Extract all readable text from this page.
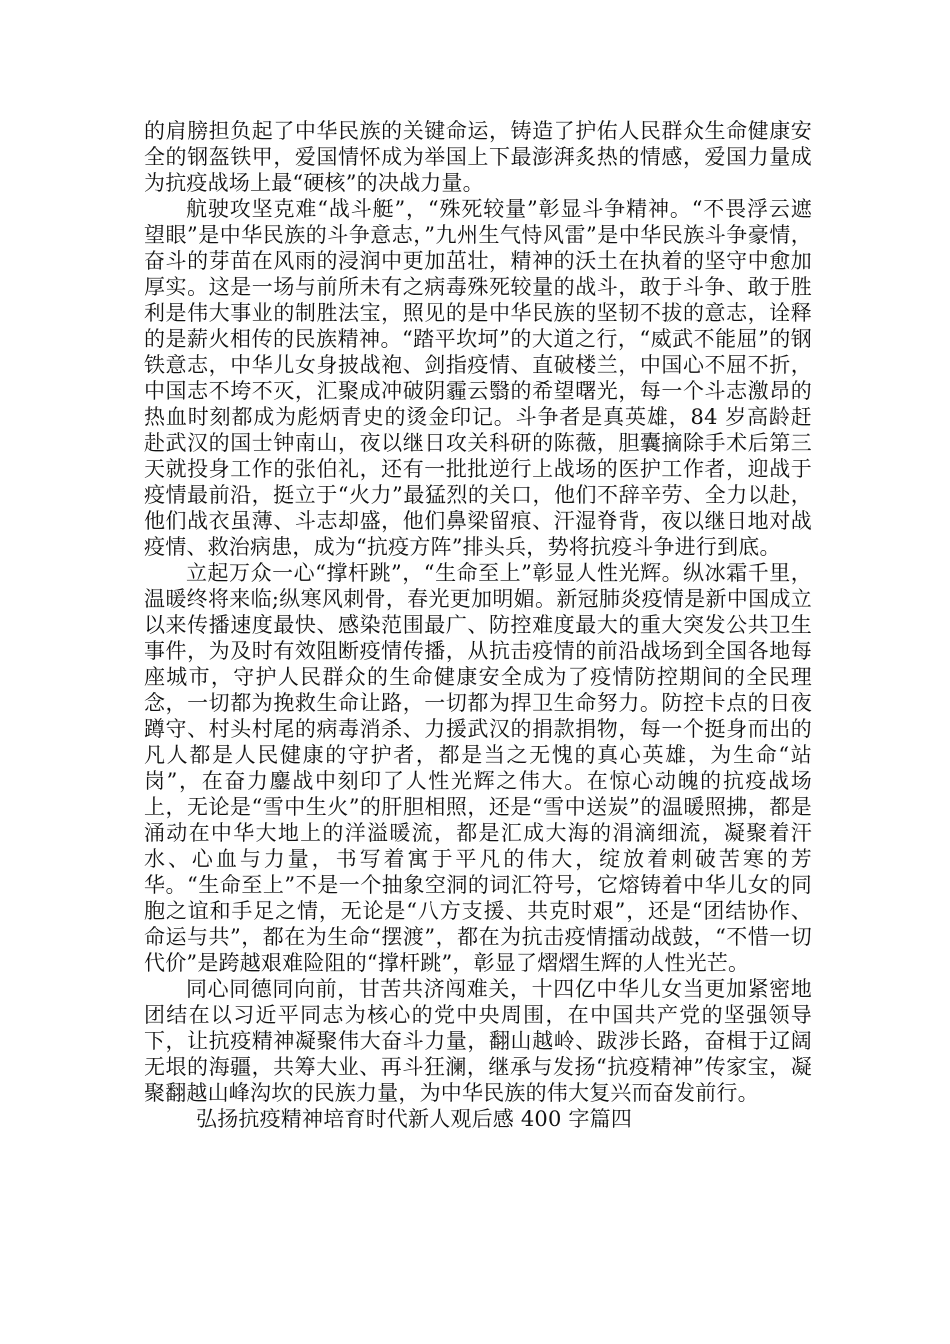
的肩膀担负起了中华民族的关键命运，铸造了护佑人民群众生命健康安全的钢盔铁甲，爱国情怀成为举国上下最澎湃炙热的情感，爱国力量成为抗疫战场上最“硬核”的决战力量。

航驶攻坚克难“战斗艇”，“殊死较量”彰显斗争精神。“不畏浮云遮望眼”是中华民族的斗争意志，”九州生气恃风雷”是中华民族斗争豪情，奋斗的芽苗在风雨的浸润中更加茁壮，精神的沃土在执着的坚守中愈加厚实。这是一场与前所未有之病毒殊死较量的战斗，敢于斗争、敢于胜利是伟大事业的制胜法宝，照见的是中华民族的坚韧不拔的意志，诠释的是薪火相传的民族精神。“踏平坎坷”的大道之行，“威武不能屈”的钢铁意志，中华儿女身披战袍、剑指疫情、直破楼兰，中国心不屈不折，中国志不垮不灭，汇聚成冲破阴霾云翳的希望曙光，每一个斗志激昂的热血时刻都成为彪炳青史的烫金印记。斗争者是真英雄，84 岁高龄赶赴武汉的国士钟南山，夜以继日攻关科研的陈薇，胆囊摘除手术后第三天就投身工作的张伯礼，还有一批批逆行上战场的医护工作者，迎战于疫情最前沿，挺立于“火力”最猛烈的关口，他们不辞辛劳、全力以赴，他们战衣虽薄、斗志却盛，他们鼻梁留痕、汗湿脊背，夜以继日地对战疫情、救治病患，成为“抗疫方阵”排头兵，势将抗疫斗争进行到底。

立起万众一心“撑杆跳”，“生命至上”彰显人性光辉。纵冰霜千里，温暖终将来临;纵寒风刺骨，春光更加明媚。新冠肺炎疫情是新中国成立以来传播速度最快、感染范围最广、防控难度最大的重大突发公共卫生事件，为及时有效阻断疫情传播，从抗击疫情的前沿战场到全国各地每座城市，守护人民群众的生命健康安全成为了疫情防控期间的全民理念，一切都为挽救生命让路，一切都为捍卫生命努力。防控卡点的日夜蹲守、村头村尾的病毒消杀、力援武汉的捐款捐物，每一个挺身而出的凡人都是人民健康的守护者，都是当之无愧的真心英雄，为生命“站岗”，在奋力鏖战中刻印了人性光辉之伟大。在惊心动魄的抗疫战场上，无论是“雪中生火”的肝胆相照，还是“雪中送炭”的温暖照拂，都是涌动在中华大地上的洋溢暖流，都是汇成大海的涓滴细流，凝聚着汗水、心血与力量，书写着寓于平凡的伟大，绽放着刺破苦寒的芳华。“生命至上”不是一个抽象空洞的词汇符号，它熔铸着中华儿女的同胞之谊和手足之情，无论是“八方支援、共克时艰”，还是“团结协作、命运与共”，都在为生命“摆渡”，都在为抗击疫情擂动战鼓，“不惜一切代价”是跨越艰难险阻的“撑杆跳”，彰显了熠熠生辉的人性光芒。

同心同德同向前，甘苦共济闯难关，十四亿中华儿女当更加紧密地团结在以习近平同志为核心的党中央周围，在中国共产党的坚强领导下，让抗疫精神凝聚伟大奋斗力量，翻山越岭、跋涉长路，奋楫于辽阔无垠的海疆，共筹大业、再斗狂澜，继承与发扬“抗疫精神”传家宝，凝聚翻越山峰沟坎的民族力量，为中华民族的伟大复兴而奋发前行。

弘扬抗疫精神培育时代新人观后感 400 字篇四
